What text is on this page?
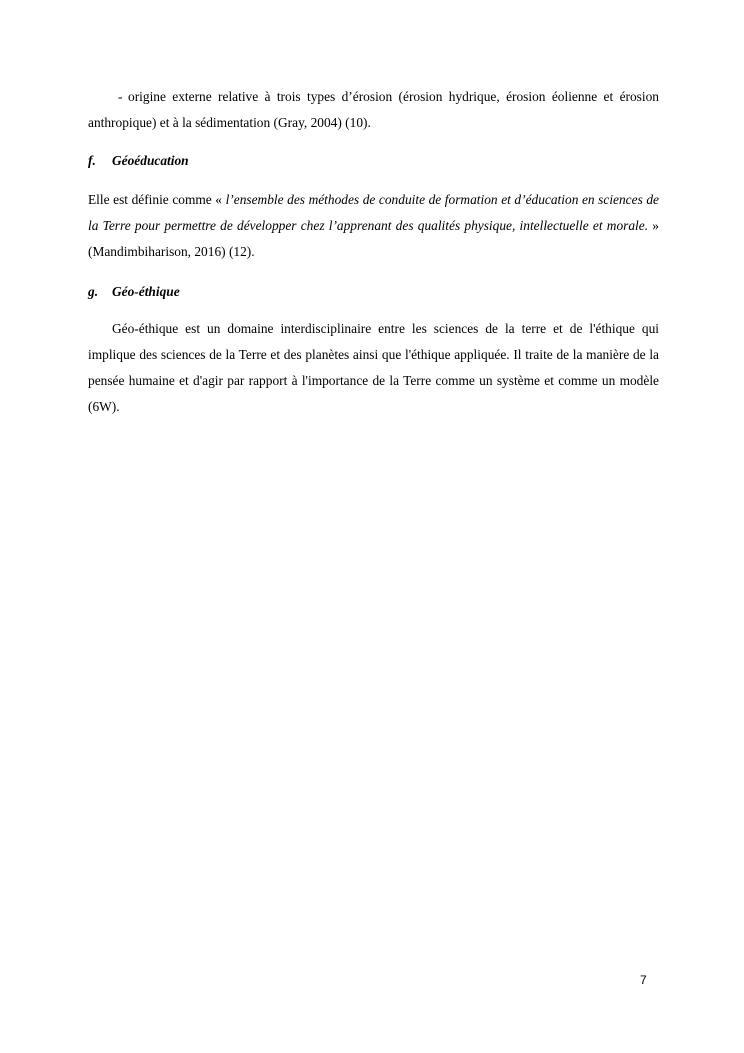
- origine externe relative à trois types d’érosion (érosion hydrique, érosion éolienne et érosion anthropique) et à la sédimentation (Gray, 2004) (10).

f. Géoéducation

Elle est définie comme « l’ensemble des méthodes de conduite de formation et d’éducation en sciences de la Terre pour permettre de développer chez l’apprenant des qualités physique, intellectuelle et morale. » (Mandimbiharison, 2016) (12).

g. Géo-éthique

Géo-éthique est un domaine interdisciplinaire entre les sciences de la terre et de l'éthique qui implique des sciences de la Terre et des planètes ainsi que l'éthique appliquée. Il traite de la manière de la pensée humaine et d'agir par rapport à l'importance de la Terre comme un système et comme un modèle (6W).

7
